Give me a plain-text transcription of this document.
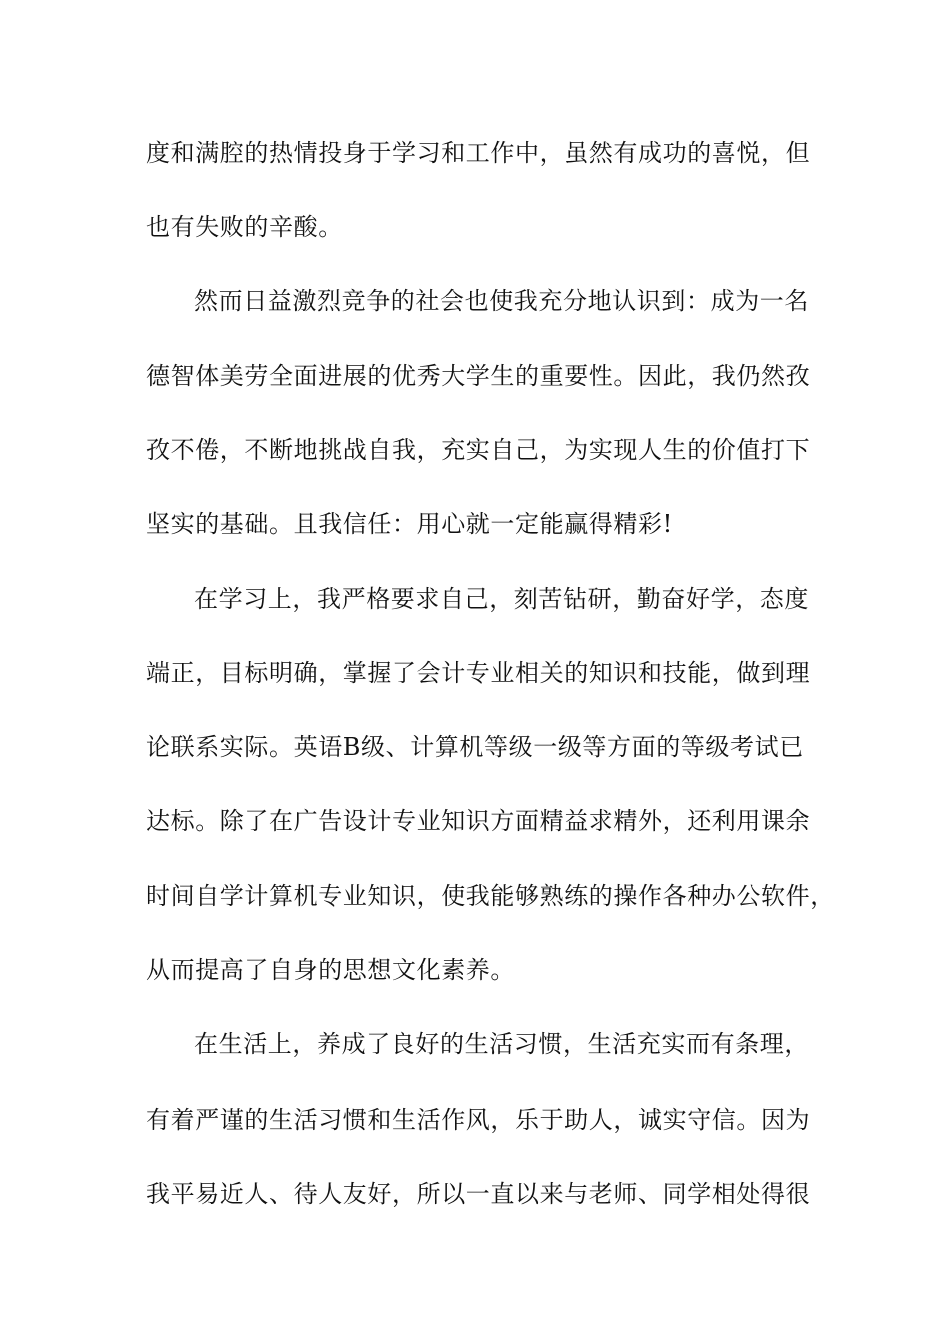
度和满腔的热情投身于学习和工作中，虽然有成功的喜悦，但
也有失败的辛酸。
然而日益激烈竞争的社会也使我充分地认识到：成为一名
德智体美劳全面进展的优秀大学生的重要性。因此，我仍然孜
孜不倦，不断地挑战自我，充实自己，为实现人生的价值打下
坚实的基础。且我信任：用心就一定能赢得精彩!
在学习上，我严格要求自己，刻苦钻研，勤奋好学，态度
端正，目标明确，掌握了会计专业相关的知识和技能，做到理
论联系实际。英语B级、计算机等级一级等方面的等级考试已
达标。除了在广告设计专业知识方面精益求精外，还利用课余
时间自学计算机专业知识，使我能够熟练的操作各种办公软件，
从而提高了自身的思想文化素养。
在生活上，养成了良好的生活习惯，生活充实而有条理，
有着严谨的生活习惯和生活作风，乐于助人，诚实守信。因为
我平易近人、待人友好，所以一直以来与老师、同学相处得很
